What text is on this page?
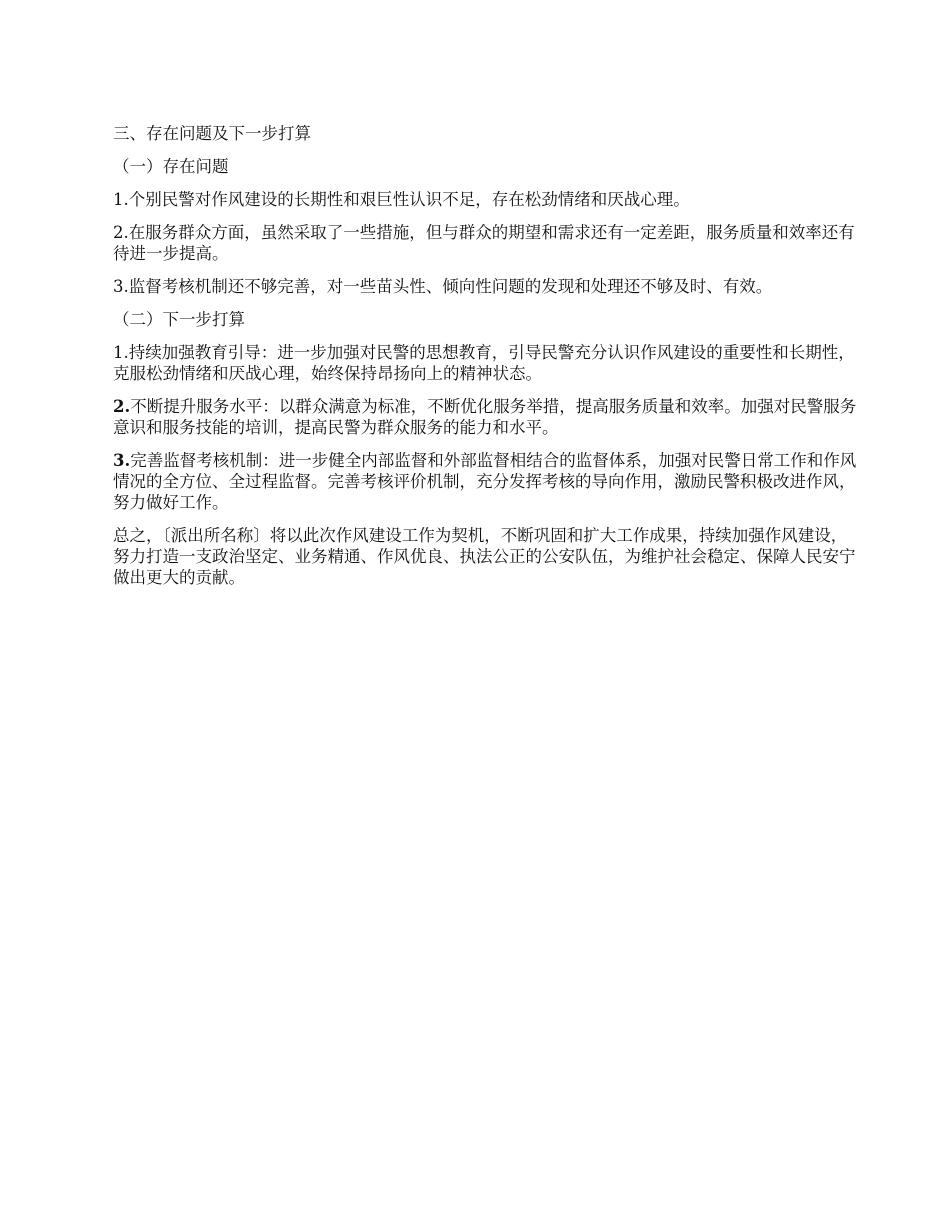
三、存在问题及下一步打算

（一）存在问题

1.个别民警对作风建设的长期性和艰巨性认识不足，存在松劲情绪和厌战心理。

2.在服务群众方面，虽然采取了一些措施，但与群众的期望和需求还有一定差距，服务质量和效率还有待进一步提高。

3.监督考核机制还不够完善，对一些苗头性、倾向性问题的发现和处理还不够及时、有效。

（二）下一步打算

1.持续加强教育引导：进一步加强对民警的思想教育，引导民警充分认识作风建设的重要性和长期性，克服松劲情绪和厌战心理，始终保持昂扬向上的精神状态。

2.不断提升服务水平：以群众满意为标准，不断优化服务举措，提高服务质量和效率。加强对民警服务意识和服务技能的培训，提高民警为群众服务的能力和水平。

3.完善监督考核机制：进一步健全内部监督和外部监督相结合的监督体系，加强对民警日常工作和作风情况的全方位、全过程监督。完善考核评价机制，充分发挥考核的导向作用，激励民警积极改进作风，努力做好工作。

总之，〔派出所名称〕将以此次作风建设工作为契机，不断巩固和扩大工作成果，持续加强作风建设，努力打造一支政治坚定、业务精通、作风优良、执法公正的公安队伍，为维护社会稳定、保障人民安宁做出更大的贡献。
